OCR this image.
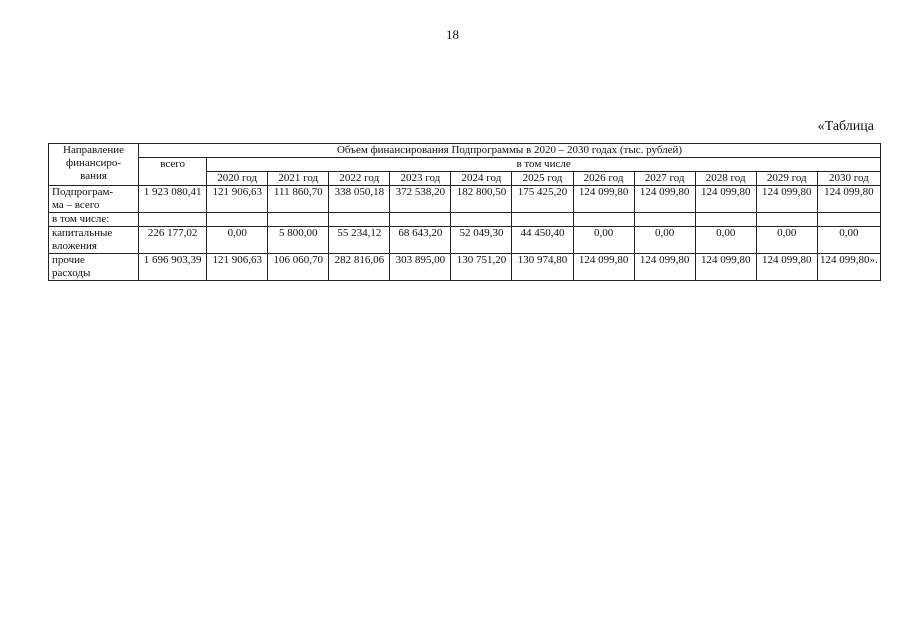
18
«Таблица
Направление
финансиро-
вания	Объем финансирования Подпрограммы в 2020 – 2030 годах (тыс. рублей)											
	всего	в том числе										
		2020 год	2021 год	2022 год	2023 год	2024 год	2025 год	2026 год	2027 год	2028 год	2029 год	2030 год

Подпрограм-
ма – всего	1 923 080,41	121 906,63	111 860,70	338 050,18	372 538,20	182 800,50	175 425,20	124 099,80	124 099,80	124 099,80	124 099,80	124 099,80

в том числе:												

капитальные
вложения	226 177,02	0,00	5 800,00	55 234,12	68 643,20	52 049,30	44 450,40	0,00	0,00	0,00	0,00	0,00

прочие
расходы	1 696 903,39	121 906,63	106 060,70	282 816,06	303 895,00	130 751,20	130 974,80	124 099,80	124 099,80	124 099,80	124 099,80	124 099,80».
